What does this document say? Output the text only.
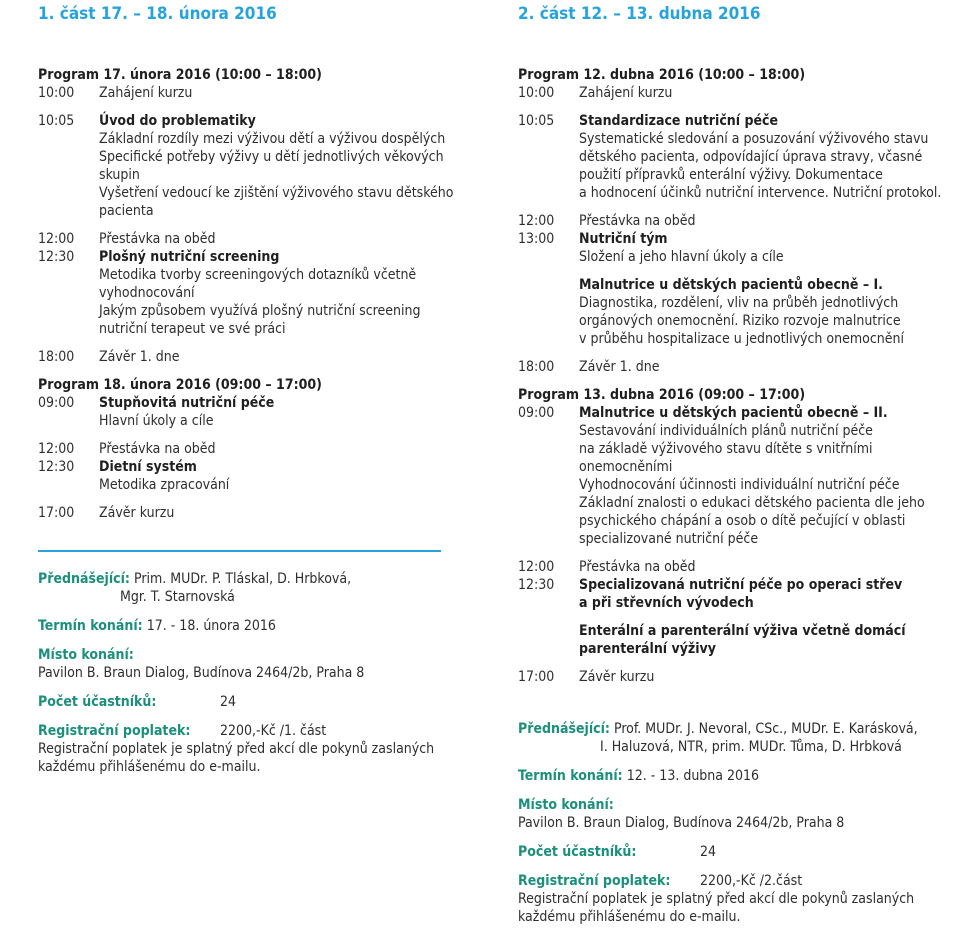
1. část 17. – 18. února 2016	2. část 12. – 13. dubna 2016
Program 17. února 2016 (10:00 – 18:00)
10:00	Zahájení kurzu
10:05	Úvod do problematiky
Základní rozdíly mezi výživou dětí a výživou dospělých
Specifické potřeby výživy u dětí jednotlivých věkových
skupin
Vyšetření vedoucí ke zjištění výživového stavu dětského
pacienta
12:00	Přestávka na oběd
12:30	Plošný nutriční screening
Metodika tvorby screeningových dotazníků včetně
vyhodnocování
Jakým způsobem využívá plošný nutriční screening
nutriční terapeut ve své práci
18:00	Závěr 1. dne
Program 18. února 2016 (09:00 – 17:00)
09:00	Stupňovitá nutriční péče
Hlavní úkoly a cíle
12:00	Přestávka na oběd
12:30	Dietní systém
Metodika zpracování
17:00	Závěr kurzu
Přednášející: Prim. MUDr. P. Tláskal, D. Hrbková,
Mgr. T. Starnovská
Termín konání: 17. - 18. února 2016
Místo konání:
Pavilon B. Braun Dialog, Budínova 2464/2b, Praha 8
Počet účastníků:	24
Registrační poplatek: 2200,-Kč /1. část
Registrační poplatek je splatný před akcí dle pokynů zaslaných
každému přihlášenému do e-mailu.
Program 12. dubna 2016 (10:00 – 18:00)
10:00	Zahájení kurzu
10:05	Standardizace nutriční péče
Systematické sledování a posuzování výživového stavu
dětského pacienta, odpovídající úprava stravy, včasné
použití přípravků enterální výživy. Dokumentace
a hodnocení účinků nutriční intervence. Nutriční protokol.
12:00	Přestávka na oběd
13:00	Nutriční tým
Složení a jeho hlavní úkoly a cíle
Malnutrice u dětských pacientů obecně – I.
Diagnostika, rozdělení, vliv na průběh jednotlivých
orgánových onemocnění. Riziko rozvoje malnutrice
v průběhu hospitalizace u jednotlivých onemocnění
18:00	Závěr 1. dne
Program 13. dubna 2016 (09:00 – 17:00)
09:00	Malnutrice u dětských pacientů obecně – II.
Sestavování individuálních plánů nutriční péče
na základě výživového stavu dítěte s vnitřními
onemocněními
Vyhodnocování účinnosti individuální nutriční péče
Základní znalosti o edukaci dětského pacienta dle jeho
psychického chápání a osob o dítě pečující v oblasti
specializované nutriční péče
12:00	Přestávka na oběd
12:30	Specializovaná nutriční péče po operaci střev
a při střevních vývodech
Enterální a parenterální výživa včetně domácí
parenterální výživy
17:00	Závěr kurzu
Přednášející: Prof. MUDr. J. Nevoral, CSc., MUDr. E. Karásková,
I. Haluzová, NTR, prim. MUDr. Tůma, D. Hrbková
Termín konání: 12. - 13. dubna 2016
Místo konání:
Pavilon B. Braun Dialog, Budínova 2464/2b, Praha 8
Počet účastníků:	24
Registrační poplatek: 2200,-Kč /2.část
Registrační poplatek je splatný před akcí dle pokynů zaslaných
každému přihlášenému do e-mailu.
